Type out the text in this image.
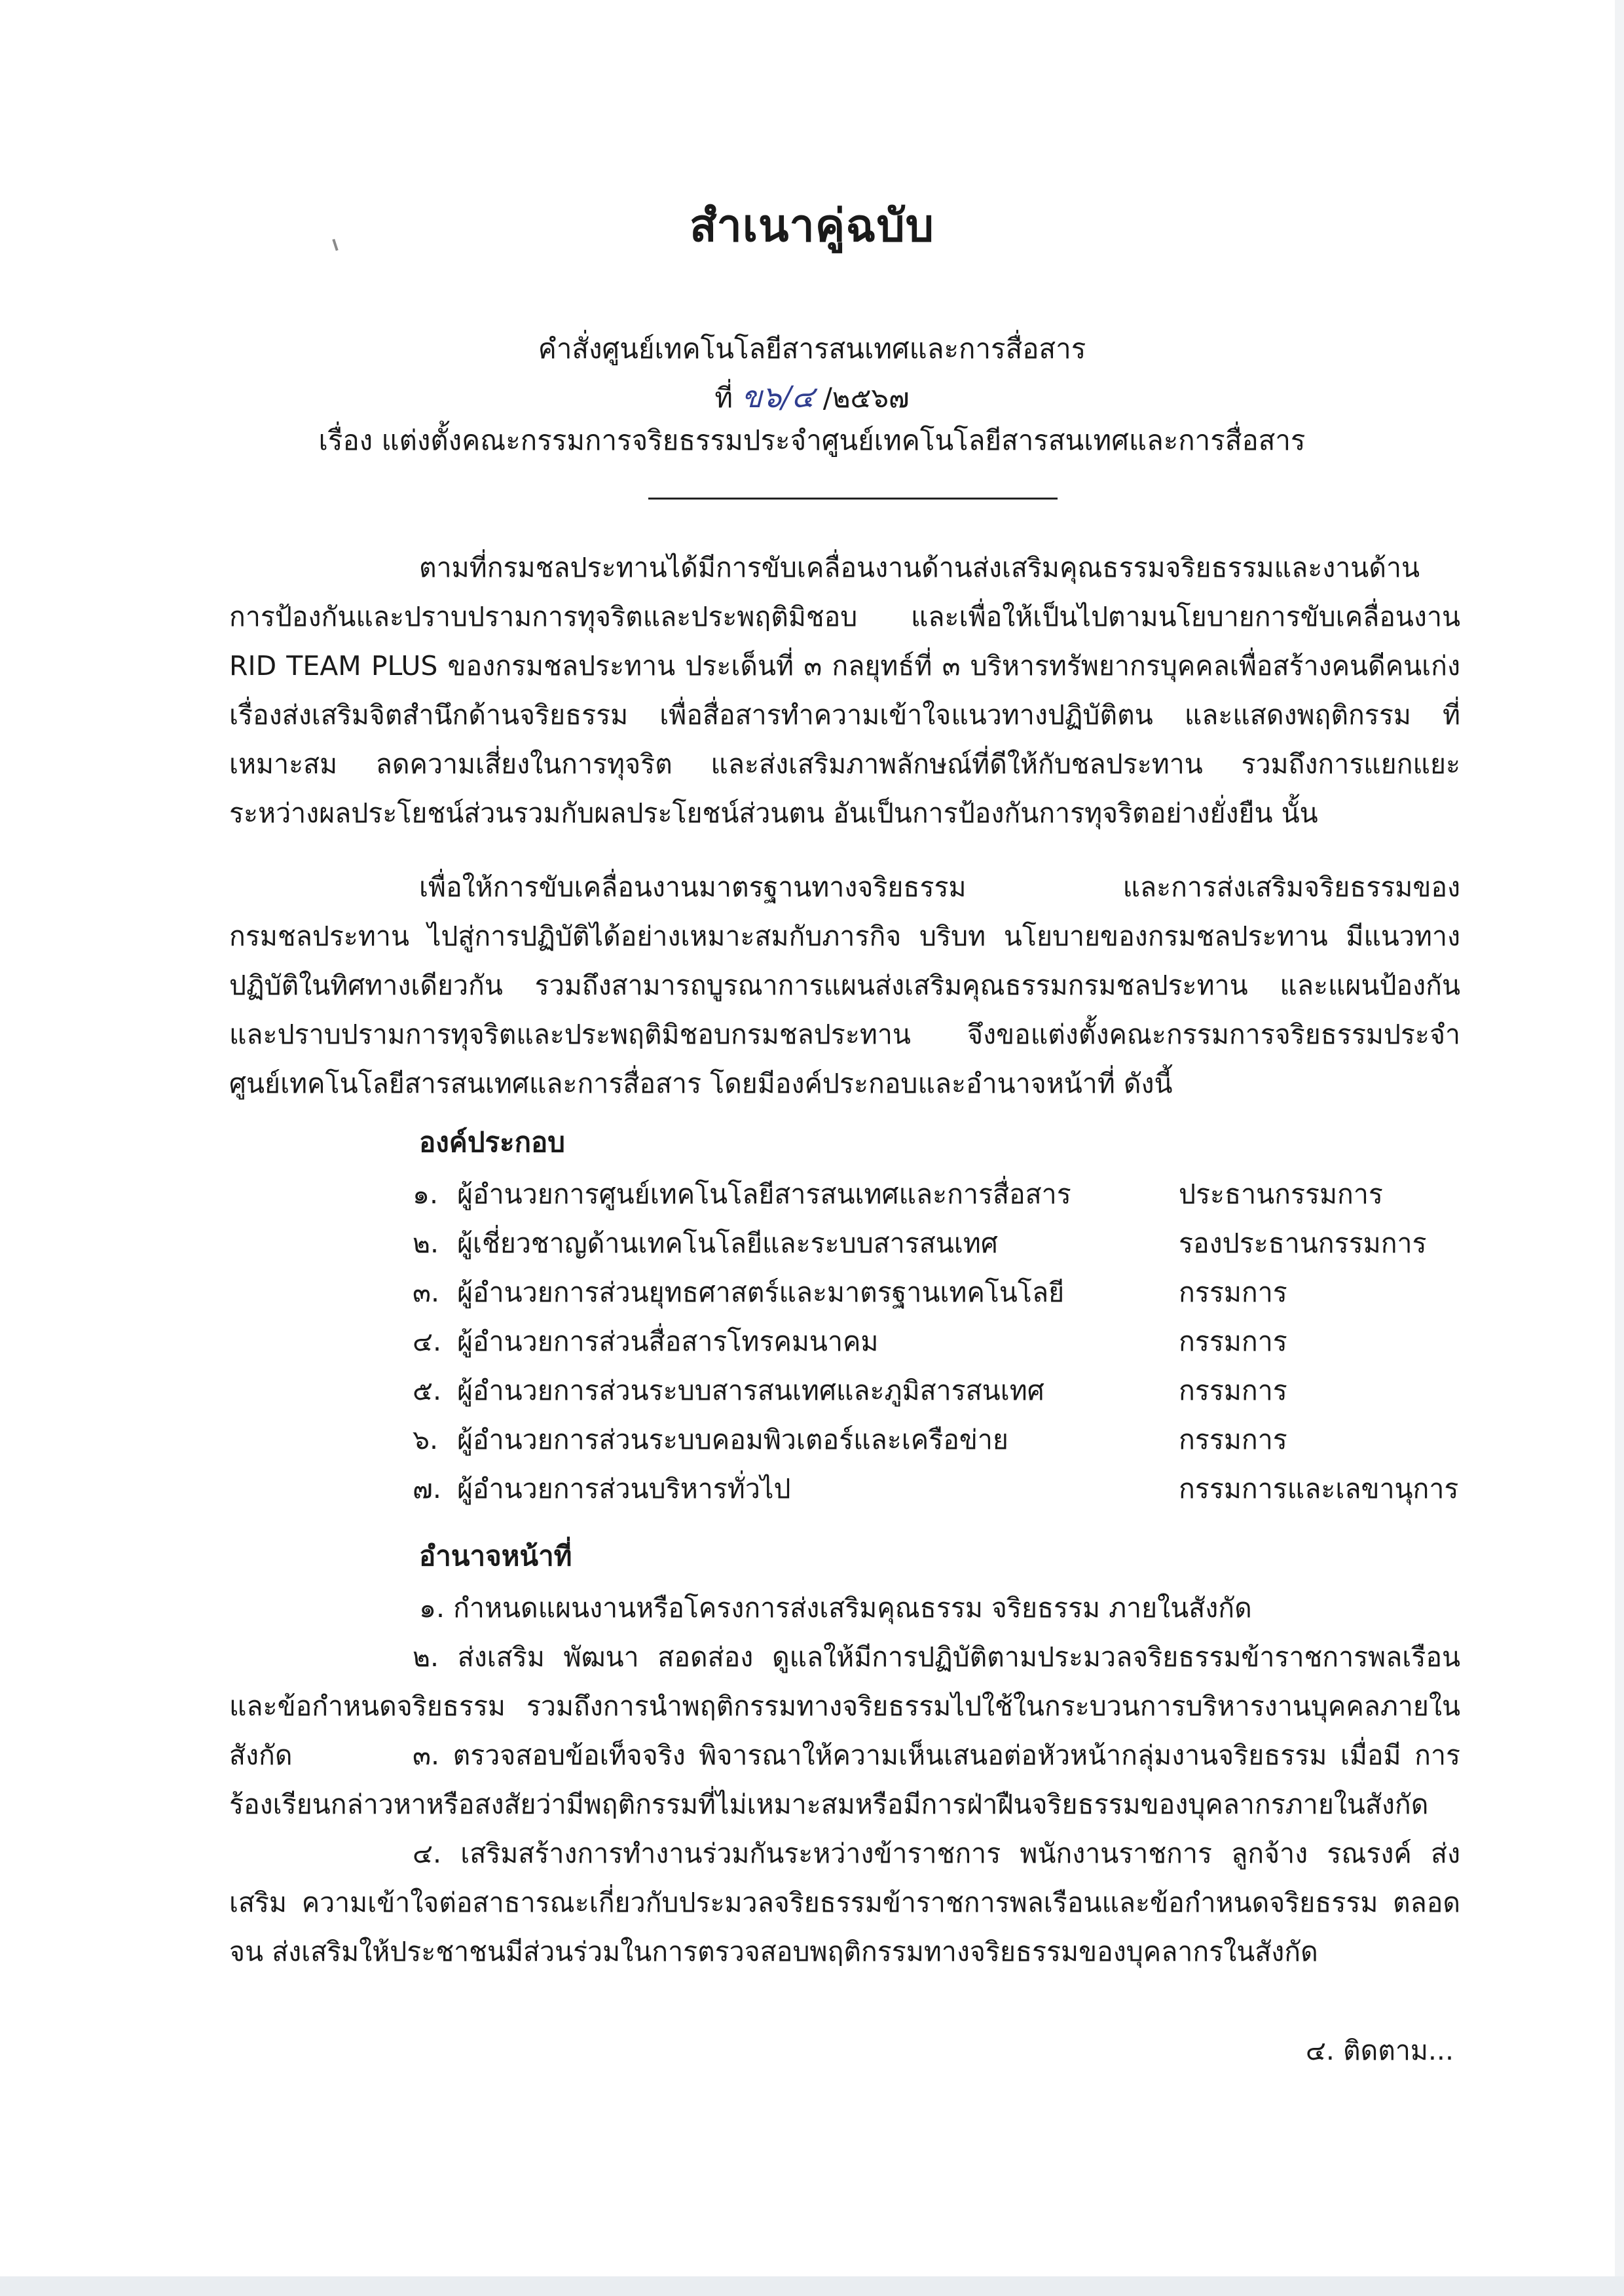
สำเนาคู่ฉบับ
คำสั่งศูนย์เทคโนโลยีสารสนเทศและการสื่อสาร
ที่ ข๖/๔ /๒๕๖๗
เรื่อง แต่งตั้งคณะกรรมการจริยธรรมประจำศูนย์เทคโนโลยีสารสนเทศและการสื่อสาร
ตามที่กรมชลประทานได้มีการขับเคลื่อนงานด้านส่งเสริมคุณธรรมจริยธรรมและงานด้าน การป้องกันและปราบปรามการทุจริตและประพฤติมิชอบ และเพื่อให้เป็นไปตามนโยบายการขับเคลื่อนงาน RID TEAM PLUS ของกรมชลประทาน ประเด็นที่ ๓ กลยุทธ์ที่ ๓ บริหารทรัพยากรบุคคลเพื่อสร้างคนดีคนเก่ง เรื่องส่งเสริมจิตสำนึกด้านจริยธรรม เพื่อสื่อสารทำความเข้าใจแนวทางปฏิบัติตน และแสดงพฤติกรรม ที่เหมาะสม ลดความเสี่ยงในการทุจริต และส่งเสริมภาพลักษณ์ที่ดีให้กับชลประทาน รวมถึงการแยกแยะ ระหว่างผลประโยชน์ส่วนรวมกับผลประโยชน์ส่วนตน อันเป็นการป้องกันการทุจริตอย่างยั่งยืน นั้น
เพื่อให้การขับเคลื่อนงานมาตรฐานทางจริยธรรม และการส่งเสริมจริยธรรมของ กรมชลประทาน ไปสู่การปฏิบัติได้อย่างเหมาะสมกับภารกิจ บริบท นโยบายของกรมชลประทาน มีแนวทาง ปฏิบัติในทิศทางเดียวกัน รวมถึงสามารถบูรณาการแผนส่งเสริมคุณธรรมกรมชลประทาน และแผนป้องกัน และปราบปรามการทุจริตและประพฤติมิชอบกรมชลประทาน จึงขอแต่งตั้งคณะกรรมการจริยธรรมประจำ ศูนย์เทคโนโลยีสารสนเทศและการสื่อสาร โดยมีองค์ประกอบและอำนาจหน้าที่ ดังนี้
องค์ประกอบ
๑. ผู้อำนวยการศูนย์เทคโนโลยีสารสนเทศและการสื่อสาร	ประธานกรรมการ
๒. ผู้เชี่ยวชาญด้านเทคโนโลยีและระบบสารสนเทศ	รองประธานกรรมการ
๓. ผู้อำนวยการส่วนยุทธศาสตร์และมาตรฐานเทคโนโลยี	กรรมการ
๔. ผู้อำนวยการส่วนสื่อสารโทรคมนาคม	กรรมการ
๕. ผู้อำนวยการส่วนระบบสารสนเทศและภูมิสารสนเทศ	กรรมการ
๖. ผู้อำนวยการส่วนระบบคอมพิวเตอร์และเครือข่าย	กรรมการ
๗. ผู้อำนวยการส่วนบริหารทั่วไป	กรรมการและเลขานุการ
อำนาจหน้าที่
๑. กำหนดแผนงานหรือโครงการส่งเสริมคุณธรรม จริยธรรม ภายในสังกัด
๒. ส่งเสริม พัฒนา สอดส่อง ดูแลให้มีการปฏิบัติตามประมวลจริยธรรมข้าราชการพลเรือน และข้อกำหนดจริยธรรม รวมถึงการนำพฤติกรรมทางจริยธรรมไปใช้ในกระบวนการบริหารงานบุคคลภายในสังกัด	๓. ตรวจสอบข้อเท็จจริง พิจารณาให้ความเห็นเสนอต่อหัวหน้ากลุ่มงานจริยธรรม เมื่อมี การร้องเรียนกล่าวหาหรือสงสัยว่ามีพฤติกรรมที่ไม่เหมาะสมหรือมีการฝ่าฝืนจริยธรรมของบุคลากรภายในสังกัด
๔. เสริมสร้างการทำงานร่วมกันระหว่างข้าราชการ พนักงานราชการ ลูกจ้าง รณรงค์ ส่งเสริม ความเข้าใจต่อสาธารณะเกี่ยวกับประมวลจริยธรรมข้าราชการพลเรือนและข้อกำหนดจริยธรรม ตลอดจน ส่งเสริมให้ประชาชนมีส่วนร่วมในการตรวจสอบพฤติกรรมทางจริยธรรมของบุคลากรในสังกัด
๔. ติดตาม...
